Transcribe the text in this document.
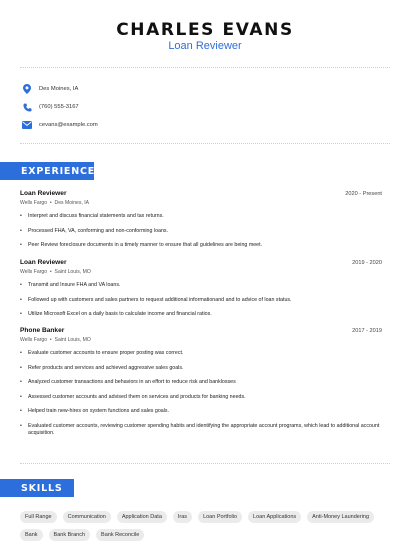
CHARLES EVANS
Loan Reviewer
Des Moines, IA
(760) 555-3167
cevans@example.com
EXPERIENCE
Loan Reviewer	2020 - Present
Wells Fargo  •  Des Moines, IA
• Interpret and discuss financial statements and tax returns.
• Processed FHA, VA, conforming and non-conforming loans.
• Peer Review foreclosure documents in a timely manner to ensure that all guidelines are being meet.
Loan Reviewer	2019 - 2020
Wells Fargo  •  Saint Louis, MO
• Transmit and Insure FHA and VA loans.
• Followed up with customers and sales partners to request additional informationand and to advice of loan status.
• Utilize Microsoft Excel on a daily basis to calculate income and financial ratios.
Phone Banker	2017 - 2019
Wells Fargo  •  Saint Louis, MO
• Evaluate customer accounts to ensure proper posting was correct.
• Refer products and services and achieved aggressive sales goals.
• Analyzed customer transactions and behaviors in an effort to reduce risk and banklosses
• Assessed customer accounts and advised them on services and products for banking needs.
• Helped train new-hires on system functions and sales goals.
• Evaluated customer accounts, reviewing customer spending habits and identifying the appropriate account programs, which lead to additional account acquisition.
SKILLS
Full Range	Communication	Application Data	Iras	Loan Portfolio	Loan Applications	Anti-Money Laundering
Bank	Bank Branch	Bank Reconcile
